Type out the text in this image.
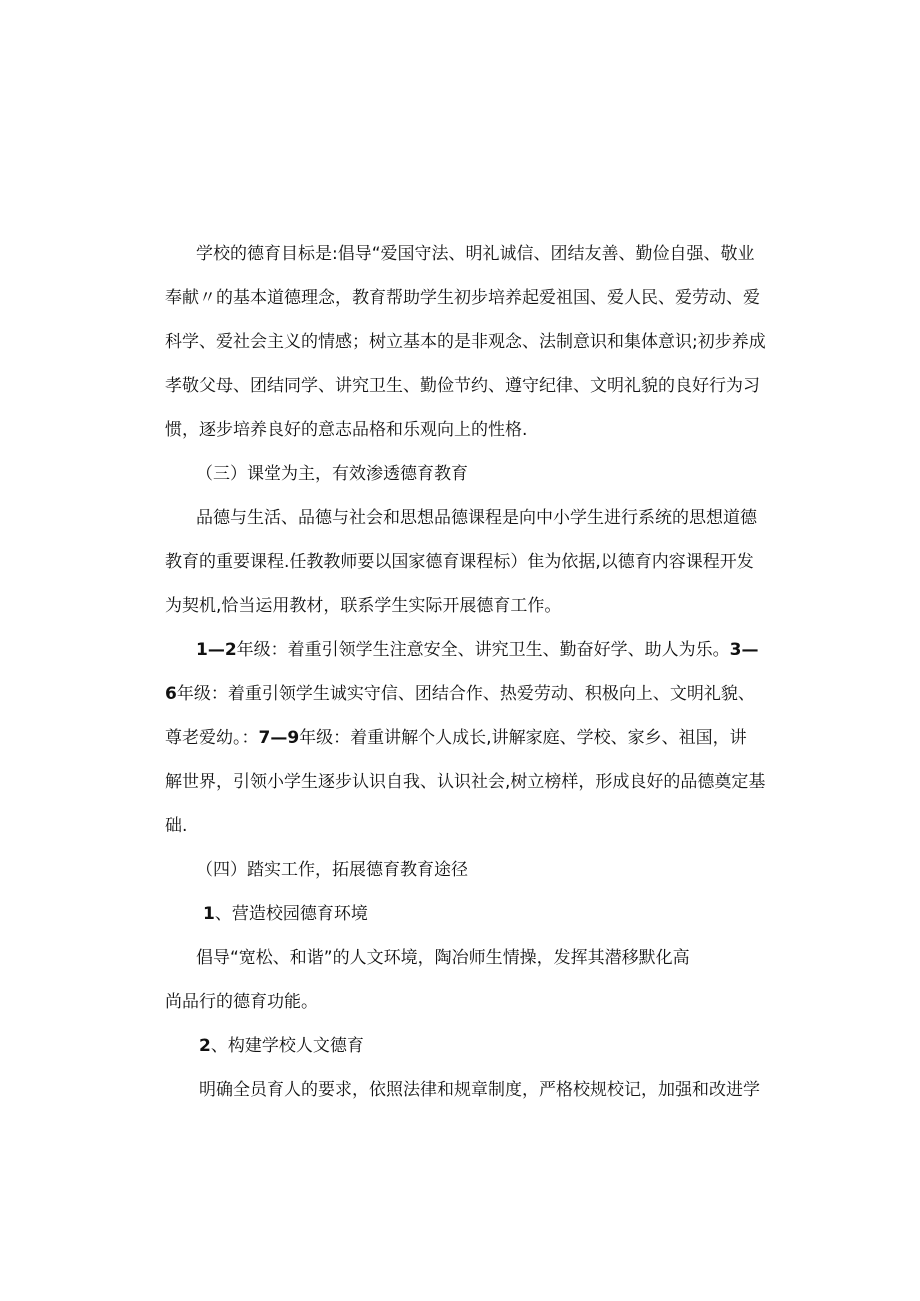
学校的德育目标是:倡导“爱国守法、明礼诚信、团结友善、勤俭自强、敬业
奉献〃的基本道德理念，教育帮助学生初步培养起爱祖国、爱人民、爱劳动、爱
科学、爱社会主义的情感；树立基本的是非观念、法制意识和集体意识;初步养成
孝敬父母、团结同学、讲究卫生、勤俭节约、遵守纪律、文明礼貌的良好行为习
惯，逐步培养良好的意志品格和乐观向上的性格.
（三）课堂为主，有效渗透德育教育
品德与生活、品德与社会和思想品德课程是向中小学生进行系统的思想道德
教育的重要课程.任教教师要以国家德育课程标）隹为依据,以德育内容课程开发
为契机,恰当运用教材，联系学生实际开展德育工作。
1—2年级：着重引领学生注意安全、讲究卫生、勤奋好学、助人为乐。3—
6年级：着重引领学生诚实守信、团结合作、热爱劳动、积极向上、文明礼貌、
尊老爱幼。：7—9年级：着重讲解个人成长,讲解家庭、学校、家乡、祖国，讲
解世界，引领小学生逐步认识自我、认识社会,树立榜样，形成良好的品德奠定基
础.
（四）踏实工作，拓展德育教育途径
1、营造校园德育环境
倡导“宽松、和谐”的人文环境，陶冶师生情操，发挥其潜移默化高
尚品行的德育功能。
2、构建学校人文德育
明确全员育人的要求，依照法律和规章制度，严格校规校记，加强和改进学
